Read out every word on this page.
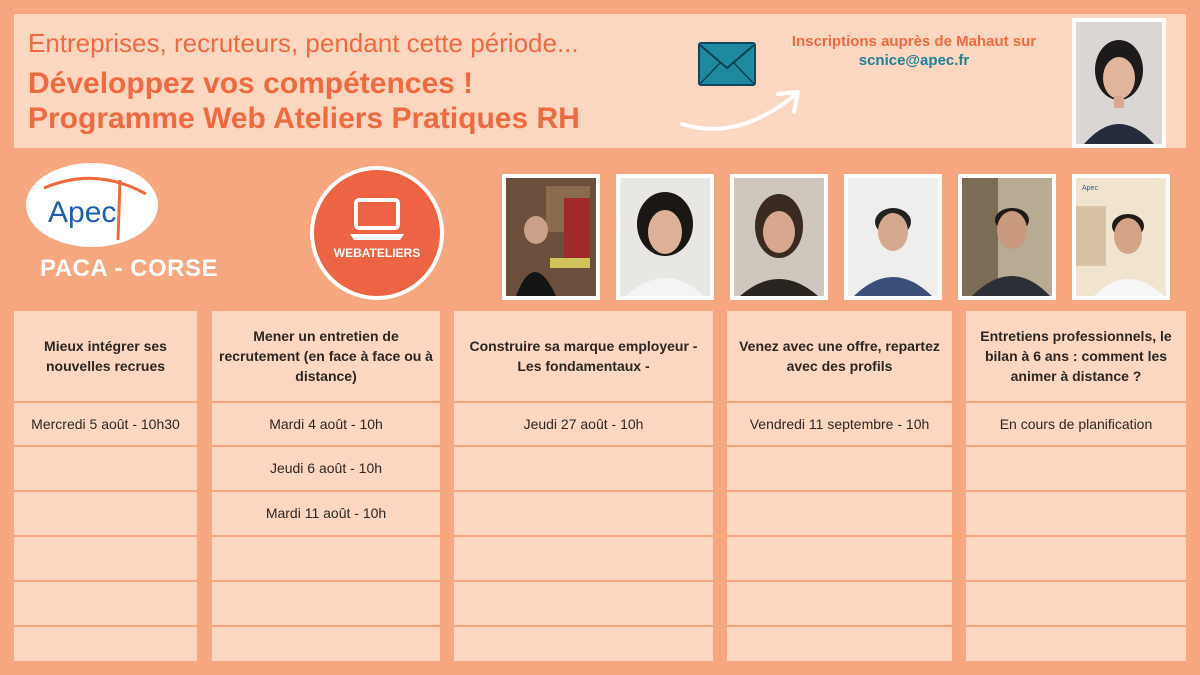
Entreprises, recruteurs, pendant cette période...
Développez vos compétences !
Programme Web Ateliers Pratiques RH
Inscriptions auprès de Mahaut sur
scnice@apec.fr
Apec
PACA - CORSE
WEBATELIERS
Apec
Mieux intégrer ses nouvelles recrues
Mercredi 5 août - 10h30
Mener un entretien de recrutement (en face à face ou à distance)
Mardi 4 août - 10h
Jeudi 6 août - 10h
Mardi 11 août - 10h
Construire sa marque employeur - Les fondamentaux -
Jeudi 27 août - 10h
Venez avec une offre, repartez avec des profils
Vendredi 11 septembre - 10h
Entretiens professionnels, le bilan à 6 ans : comment les animer à distance ?
En cours de planification
